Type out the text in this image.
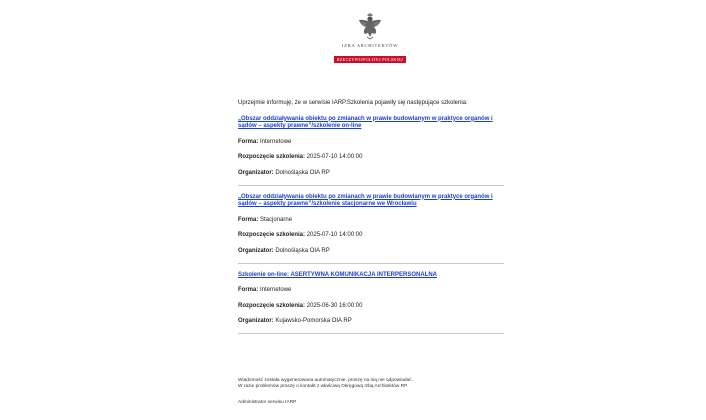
IZBA ARCHITEKTÓW
RZECZYPOSPOLITEJ POLSKIEJ

Uprzejmie informuję, że w serwisie IARP.Szkolenia pojawiły się następujące szkolenia:

„Obszar oddziaływania obiektu po zmianach w prawie budowlanym w praktyce organów i sądów – aspekty prawne”/szkolenie on-line

Forma: Internetowe

Rozpoczęcie szkolenia: 2025-07-10 14:00:00

Organizator: Dolnośląska OIA RP

„Obszar oddziaływania obiektu po zmianach w prawie budowlanym w praktyce organów i sądów – aspekty prawne”/szkolenie stacjonarne we Wrocławiu

Forma: Stacjonarne

Rozpoczęcie szkolenia: 2025-07-10 14:00:00

Organizator: Dolnośląska OIA RP

Szkolenie on-line: ASERTYWNA KOMUNIKACJA INTERPERSONALNA

Forma: Internetowe

Rozpoczęcie szkolenia: 2025-06-30 16:00:00

Organizator: Kujawsko-Pomorska OIA RP

Wiadomość została wygenerowana automatycznie, proszę na nią nie odpowiadać.

W razie problemów proszę o kontakt z właściwą Okręgową Izbą Architektów RP.

Administrator serwisu IARP
